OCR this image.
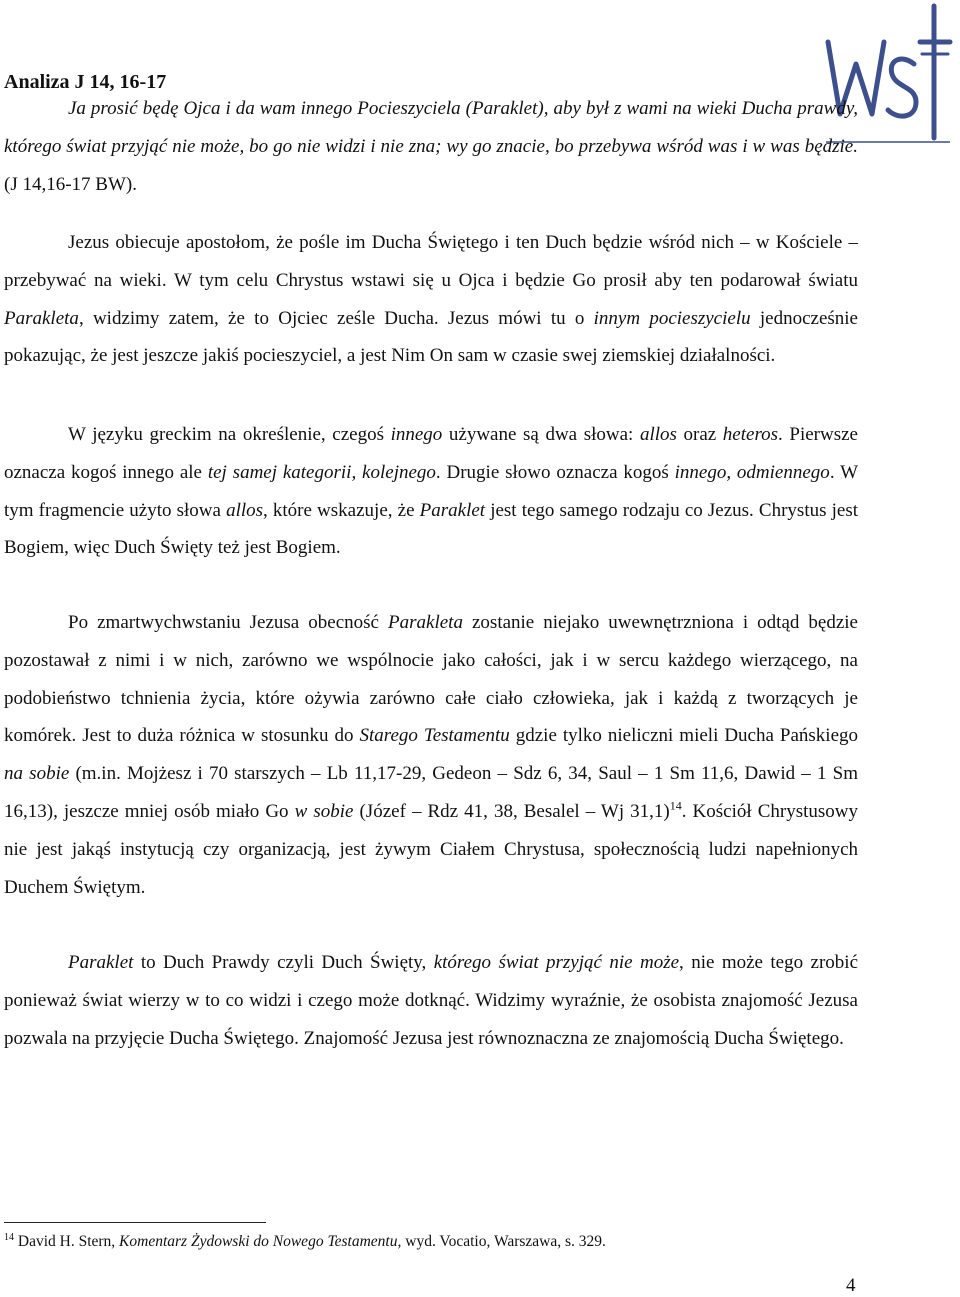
Analiza J 14, 16-17

Ja prosić będę Ojca i da wam innego Pocieszyciela (Paraklet), aby był z wami na wieki Ducha prawdy, którego świat przyjąć nie może, bo go nie widzi i nie zna; wy go znacie, bo przebywa wśród was i w was będzie. (J 14,16-17 BW).

Jezus obiecuje apostołom, że pośle im Ducha Świętego i ten Duch będzie wśród nich – w Kościele – przebywać na wieki. W tym celu Chrystus wstawi się u Ojca i będzie Go prosił aby ten podarował światu Parakleta, widzimy zatem, że to Ojciec ześle Ducha. Jezus mówi tu o innym pocieszycielu jednocześnie pokazując, że jest jeszcze jakiś pocieszyciel, a jest Nim On sam w czasie swej ziemskiej działalności.

W języku greckim na określenie, czegoś innego używane są dwa słowa: allos oraz heteros. Pierwsze oznacza kogoś innego ale tej samej kategorii, kolejnego. Drugie słowo oznacza kogoś innego, odmiennego. W tym fragmencie użyto słowa allos, które wskazuje, że Paraklet jest tego samego rodzaju co Jezus. Chrystus jest Bogiem, więc Duch Święty też jest Bogiem.

Po zmartwychwstaniu Jezusa obecność Parakleta zostanie niejako uwewnętrzniona i odtąd będzie pozostawał z nimi i w nich, zarówno we wspólnocie jako całości, jak i w sercu każdego wierzącego, na podobieństwo tchnienia życia, które ożywia zarówno całe ciało człowieka, jak i każdą z tworzących je komórek. Jest to duża różnica w stosunku do Starego Testamentu gdzie tylko nieliczni mieli Ducha Pańskiego na sobie (m.in. Mojżesz i 70 starszych – Lb 11,17-29, Gedeon – Sdz 6, 34, Saul – 1 Sm 11,6, Dawid – 1 Sm 16,13), jeszcze mniej osób miało Go w sobie (Józef – Rdz 41, 38, Besalel – Wj 31,1)$^{14}$. Kościół Chrystusowy nie jest jakąś instytucją czy organizacją, jest żywym Ciałem Chrystusa, społecznością ludzi napełnionych Duchem Świętym.

Paraklet to Duch Prawdy czyli Duch Święty, którego świat przyjąć nie może, nie może tego zrobić ponieważ świat wierzy w to co widzi i czego może dotknąć. Widzimy wyraźnie, że osobista znajomość Jezusa pozwala na przyjęcie Ducha Świętego. Znajomość Jezusa jest równoznaczna ze znajomością Ducha Świętego.

$^{14}$ David H. Stern, Komentarz Żydowski do Nowego Testamentu, wyd. Vocatio, Warszawa, s. 329.
4
